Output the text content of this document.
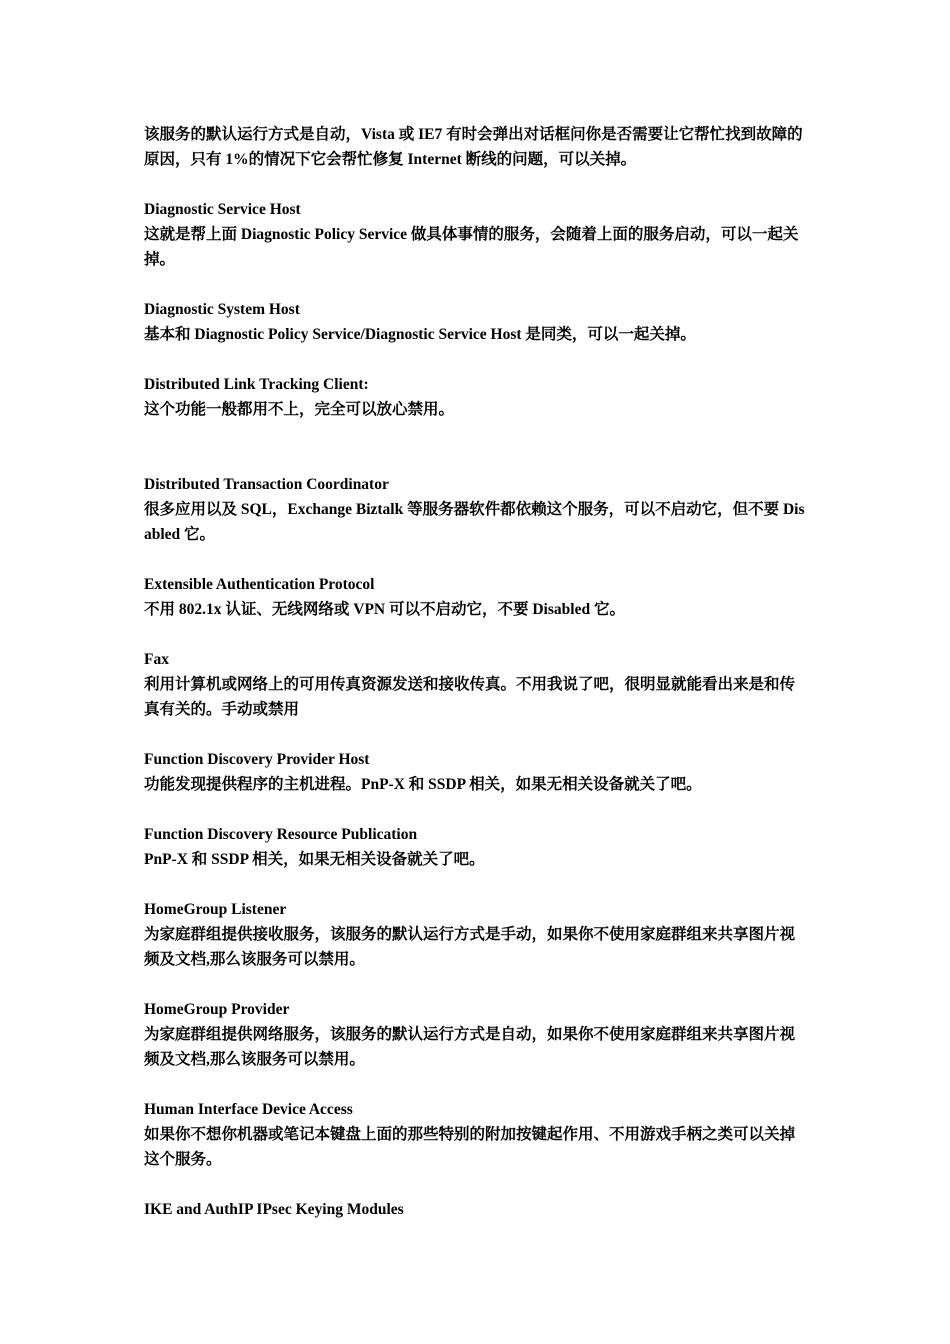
该服务的默认运行方式是自动，Vista 或 IE7 有时会弹出对话框问你是否需要让它帮忙找到故障的原因，只有 1%的情况下它会帮忙修复 Internet 断线的问题，可以关掉。

Diagnostic Service Host

这就是帮上面 Diagnostic Policy Service 做具体事情的服务，会随着上面的服务启动，可以一起关掉。

Diagnostic System Host

基本和 Diagnostic Policy Service/Diagnostic Service Host 是同类，可以一起关掉。

Distributed Link Tracking Client:

这个功能一般都用不上，完全可以放心禁用。

Distributed Transaction Coordinator

很多应用以及 SQL，Exchange Biztalk 等服务器软件都依赖这个服务，可以不启动它，但不要 Disabled 它。

Extensible Authentication Protocol

不用 802.1x 认证、无线网络或 VPN 可以不启动它，不要 Disabled 它。

Fax

利用计算机或网络上的可用传真资源发送和接收传真。不用我说了吧，很明显就能看出来是和传真有关的。手动或禁用

Function Discovery Provider Host

功能发现提供程序的主机进程。PnP-X 和 SSDP 相关，如果无相关设备就关了吧。

Function Discovery Resource Publication

PnP-X 和 SSDP 相关，如果无相关设备就关了吧。

HomeGroup Listener

为家庭群组提供接收服务，该服务的默认运行方式是手动，如果你不使用家庭群组来共享图片视频及文档,那么该服务可以禁用。

HomeGroup Provider

为家庭群组提供网络服务，该服务的默认运行方式是自动，如果你不使用家庭群组来共享图片视频及文档,那么该服务可以禁用。

Human Interface Device Access

如果你不想你机器或笔记本键盘上面的那些特别的附加按键起作用、不用游戏手柄之类可以关掉这个服务。

IKE and AuthIP IPsec Keying Modules
